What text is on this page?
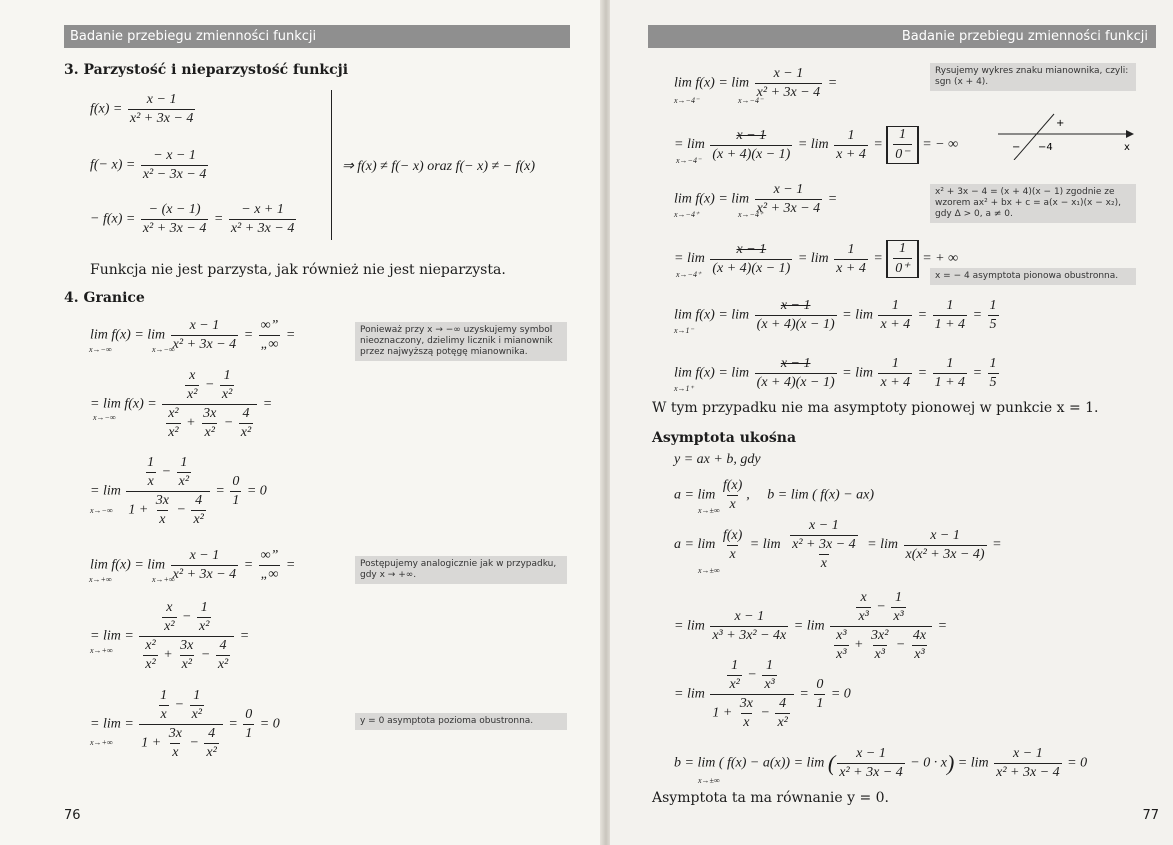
Badanie przebiegu zmienności funkcji
3. Parzystość i nieparzystość funkcji
$f(x) = \frac{x - 1}{\text{x² + 3x − 4}}$
$f(- x) = \frac{- x - 1}{\text{x² − 3x − 4}}$
− $f(x) = \frac{- (x - 1)}{\text{x² + 3x − 4}} = \frac{- x + 1}{\text{x² + 3x − 4}}$
⇒ f(x) ≠ f(− x) oraz f(− x) ≠ − f(x)
Funkcja nie jest parzysta, jak również nie jest nieparzysta.
4. Granice
$\lim f(x) = \lim \frac{x - 1}{\text{x² + 3x − 4}}$ =
∞”
„∞
=
x→−∞	x→−∞
Ponieważ przy x → −∞ uzyskujemy symbol nieoznaczony, dzielimy licznik i mianownik przez najwyższą potęgę mianownika.
= $\lim f(x) = \frac{\frac{x}{\text{x²}} - \frac{1}{\text{x²}}}{\frac{\text{x²}}{\text{x²}} + \frac{3x}{\text{x²}} - \frac{4}{\text{x²}}}$ =
x→−∞
= $\lim \frac{\frac{1}{x} - \frac{1}{\text{x²}}}{1 + \frac{3x}{x} - \frac{4}{\text{x²}}} = \frac{0}{1} = 0$
x→−∞
$\lim f(x) = \lim \frac{x - 1}{\text{x² + 3x − 4}}$ =
∞”
„∞
=
x→+∞	x→+∞
Postępujemy analogicznie jak w przypadku, gdy x → +∞.
= $\lim = \frac{\frac{x}{\text{x²}} - \frac{1}{\text{x²}}}{\frac{\text{x²}}{\text{x²}} + \frac{3x}{\text{x²}} - \frac{4}{\text{x²}}}$ =
x→+∞
= $\lim = \frac{\frac{1}{x} - \frac{1}{\text{x²}}}{1 + \frac{3x}{x} - \frac{4}{\text{x²}}} = \frac{0}{1} = 0$
x→+∞
y = 0 asymptota pozioma obustronna.
76
Badanie przebiegu zmienności funkcji
$\lim f(x) = \lim \frac{x - 1}{\text{x² + 3x − 4}}$ =
x→−4⁻	x→−4⁻
Rysujemy wykres znaku mianownika, czyli: sgn (x + 4).
= $\lim \frac{x - 1}{(x + 4)(x - 1)} = \lim \frac{1}{x + 4} = \frac{1}{0^-}$ = − ∞
x→−4⁻
+
− −4	x
$\lim f(x) = \lim \frac{x - 1}{\text{x² + 3x − 4}}$ =
x→−4⁺	x→−4⁺
x² + 3x − 4 = (x + 4)(x − 1) zgodnie ze wzorem ax² + bx + c = a(x − x₁)(x − x₂), gdy Δ > 0, a ≠ 0.
= $\lim \frac{x - 1}{(x + 4)(x - 1)} = \lim \frac{1}{x + 4} = \frac{1}{0^+}$ = + ∞
x→−4⁺	x = − 4 asymptota pionowa obustronna.
$\lim f(x) = \lim \frac{x - 1}{(x + 4)(x - 1)} = \lim \frac{1}{x + 4} = \frac{1}{1 + 4} = \frac{1}{5}$
x→1⁻
$\lim f(x) = \lim \frac{x - 1}{(x + 4)(x - 1)} = \lim \frac{1}{x + 4} = \frac{1}{1 + 4} = \frac{1}{5}$
x→1⁺
W tym przypadku nie ma asymptoty pionowej w punkcie x = 1.
Asymptota ukośna
y = ax + b, gdy
$a = \lim \frac{f(x)}{x}$ ,     b = lim ( f(x) − ax)
x→±∞
$a = \lim \frac{f(x)}{x} = \lim \frac{\frac{x - 1}{\text{x² + 3x − 4}}}{x} = \lim \frac{x - 1}{\text{x(x² + 3x − 4)}}$ =
x→±∞
= $\lim \frac{x - 1}{\text{x³ + 3x² − 4x}} = \lim \frac{\frac{x}{\text{x³}} - \frac{1}{\text{x³}}}{\frac{\text{x³}}{\text{x³}} + \frac{\text{3x²}}{\text{x³}} - \frac{4x}{\text{x³}}}$ =
= $\lim \frac{\frac{1}{\text{x²}} - \frac{1}{\text{x³}}}{1 + \frac{3x}{x} - \frac{4}{\text{x²}}} = \frac{0}{1} = 0$
b = lim ( f(x) − a(x)) = lim ( $\frac{x - 1}{\text{x² + 3x − 4}} - 0 \cdot x) = \lim \frac{x - 1}{\text{x² + 3x − 4}} = 0$
x→±∞
Asymptota ta ma równanie y = 0.
77
